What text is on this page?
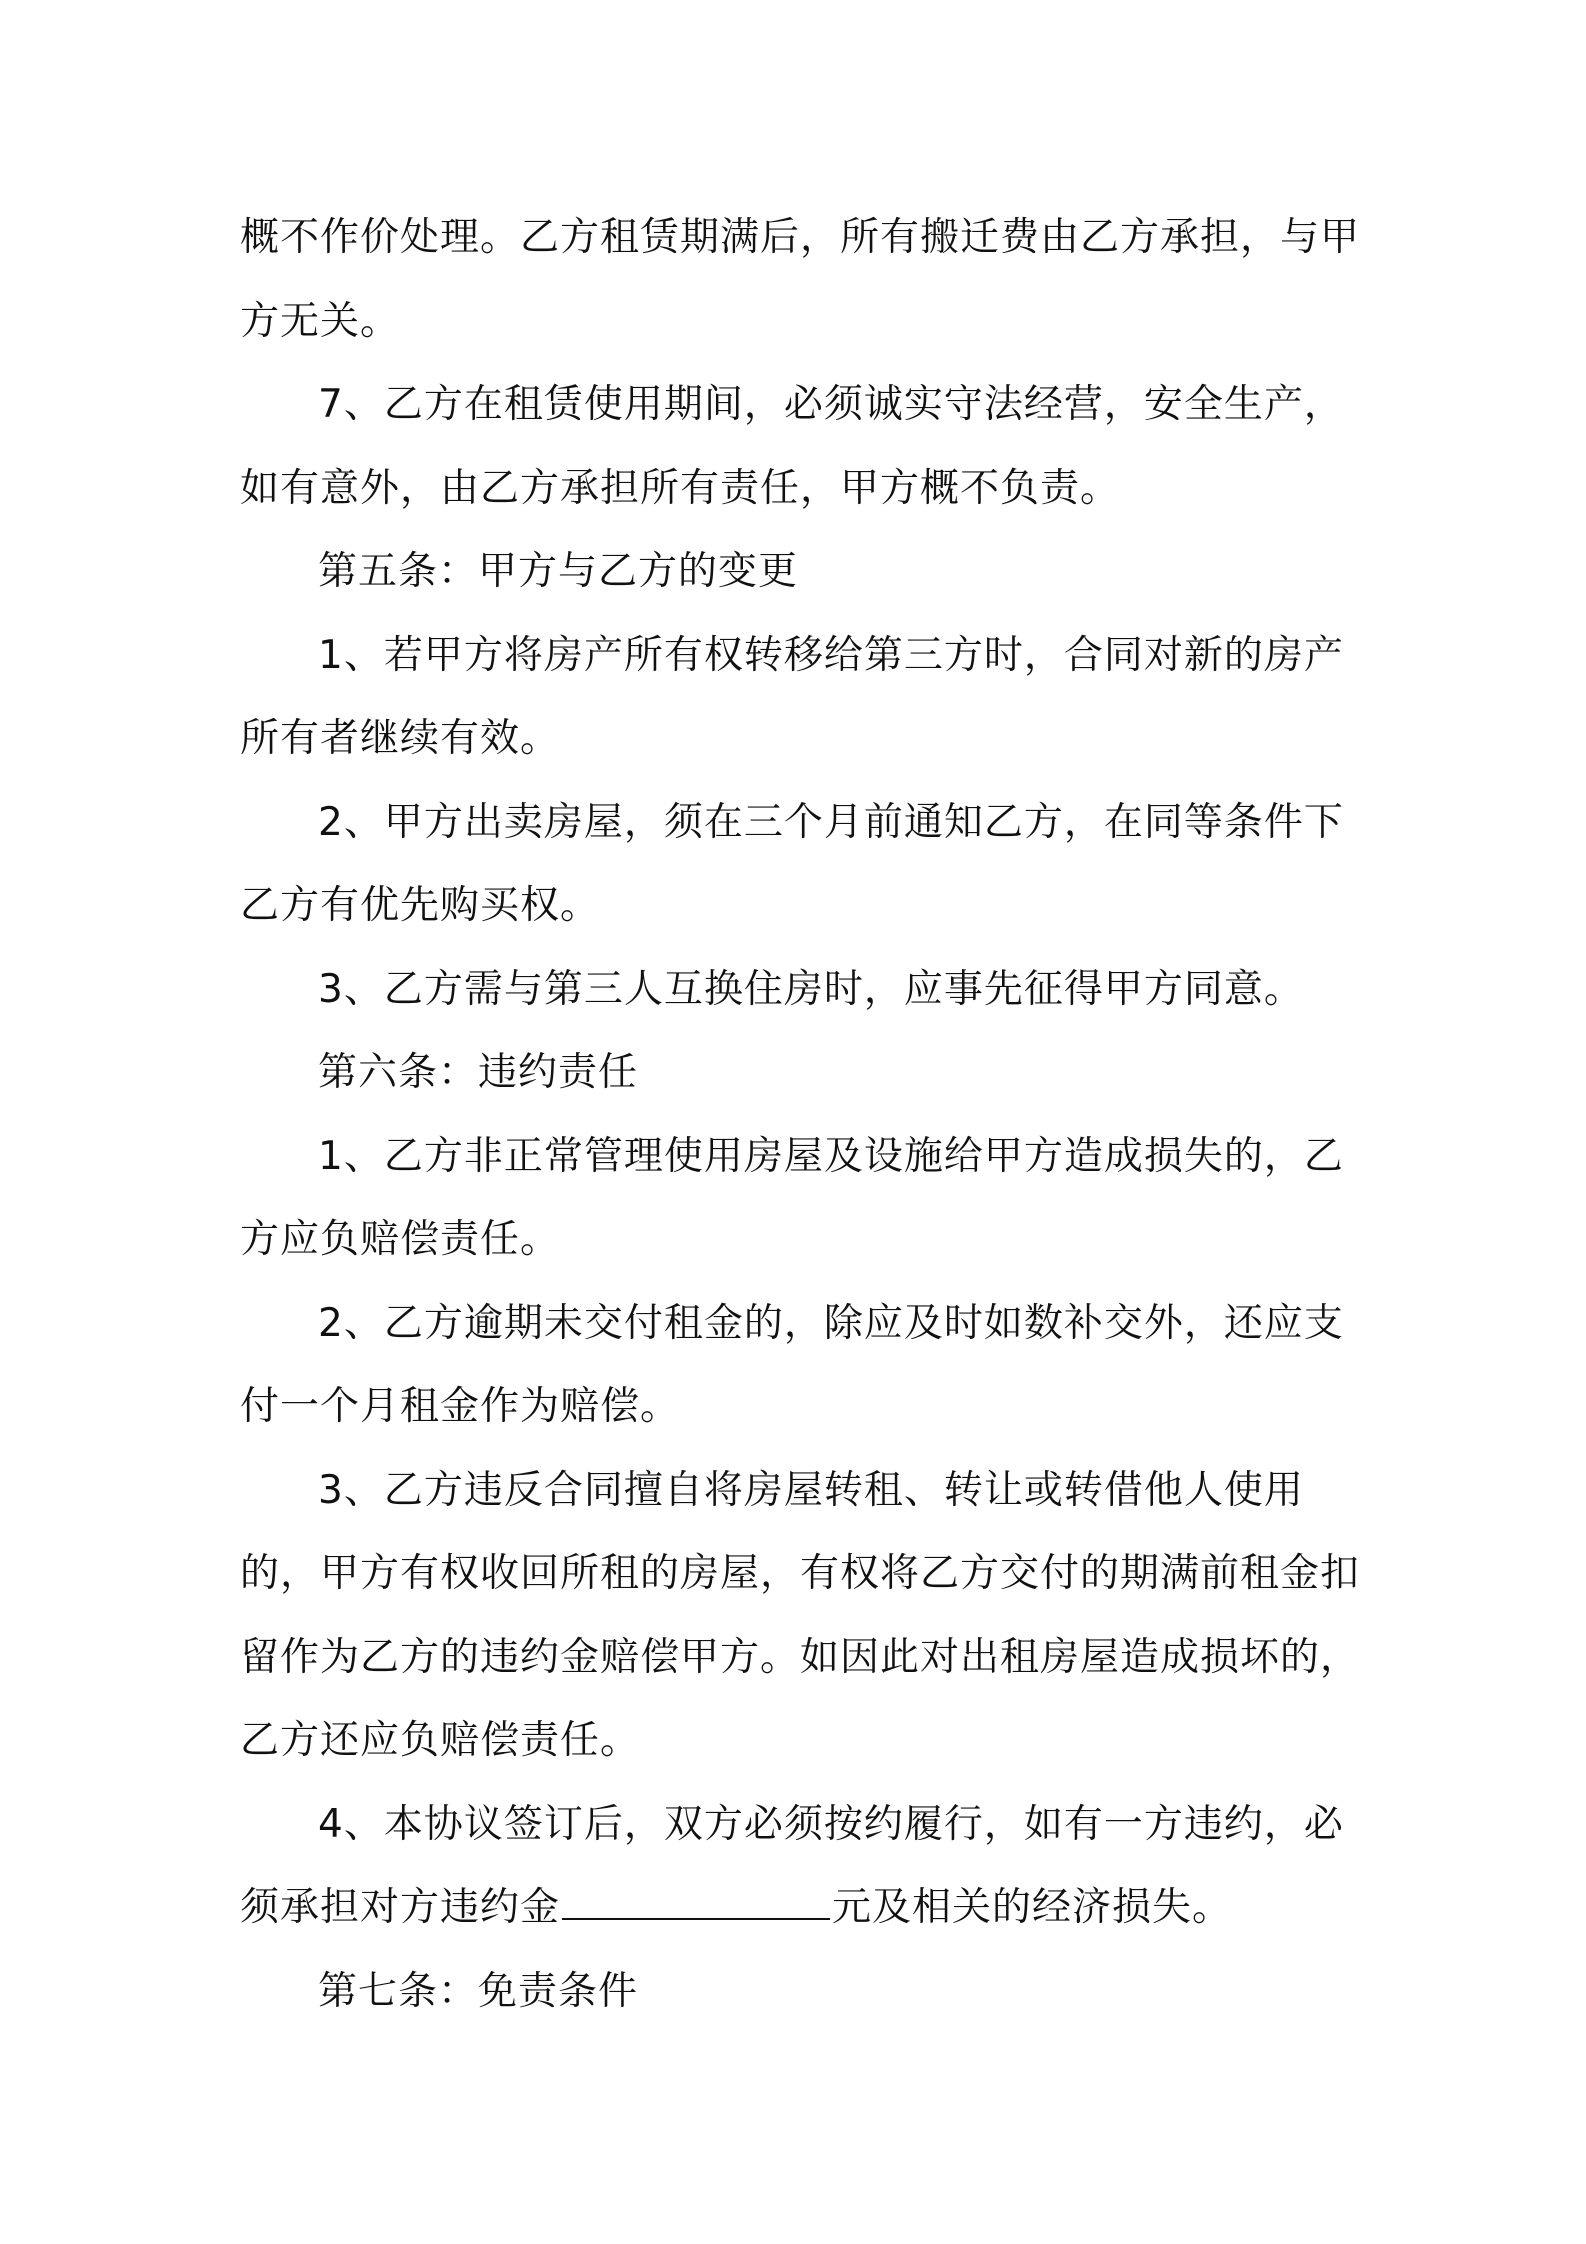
概不作价处理。乙方租赁期满后，所有搬迁费由乙方承担，与甲方无关。

7、乙方在租赁使用期间，必须诚实守法经营，安全生产，如有意外，由乙方承担所有责任，甲方概不负责。

第五条：甲方与乙方的变更

1、若甲方将房产所有权转移给第三方时，合同对新的房产所有者继续有效。

2、甲方出卖房屋，须在三个月前通知乙方，在同等条件下乙方有优先购买权。

3、乙方需与第三人互换住房时，应事先征得甲方同意。

第六条：违约责任

1、乙方非正常管理使用房屋及设施给甲方造成损失的，乙方应负赔偿责任。

2、乙方逾期未交付租金的，除应及时如数补交外，还应支付一个月租金作为赔偿。

3、乙方违反合同擅自将房屋转租、转让或转借他人使用的，甲方有权收回所租的房屋，有权将乙方交付的期满前租金扣留作为乙方的违约金赔偿甲方。如因此对出租房屋造成损坏的，乙方还应负赔偿责任。

4、本协议签订后，双方必须按约履行，如有一方违约，必须承担对方违约金	元及相关的经济损失。

第七条：免责条件
